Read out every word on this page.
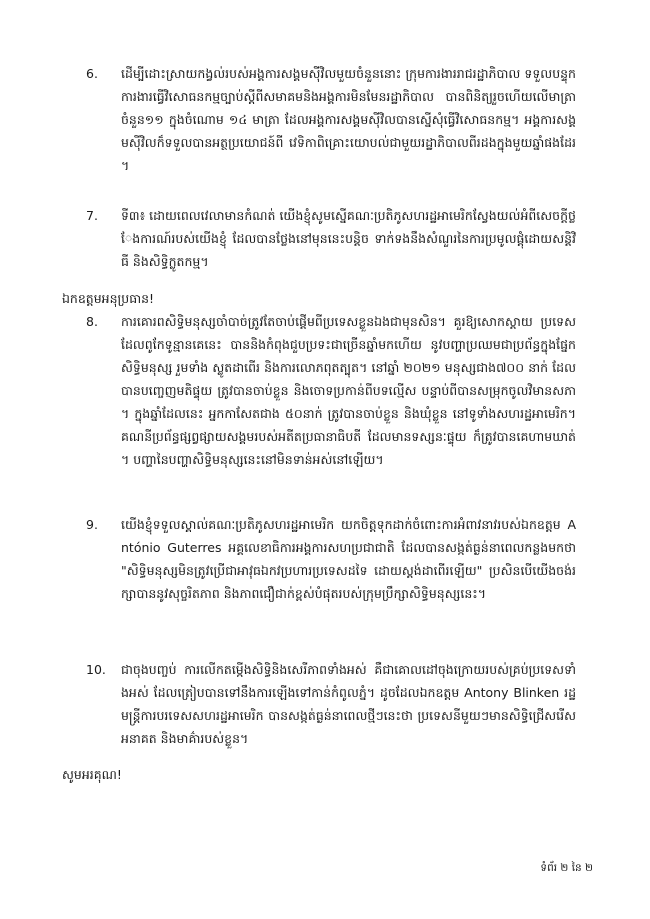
6. ដើម្បីដោះស្រាយកង្វល់របស់អង្គការសង្គមស៊ីវិលមួយចំនួននោះ ក្រុមការងាររាជរដ្ឋាភិបាល ទទួលបន្ទុកការងារធ្វើវិសោធនកម្មច្បាប់ស្តីពីសមាគមនិងអង្គការមិនមែនរដ្ឋាភិបាល បានពិនិត្យរួចហើយលើមាត្រាចំនួន១១ ក្នុងចំណោម ១៤ មាត្រា ដែលអង្គការសង្គមស៊ីវិលបានស្នើសុំធ្វើវិសោធនកម្ម។ អង្គការសង្គមស៊ីវិលក៏ទទួលបានអត្ថប្រយោជន៍ពី វេទិកាពិគ្រោះយោបល់ជាមួយរដ្ឋាភិបាលពីរដងក្នុងមួយឆ្នាំផងដែរ។
7. ទី៣៖ ដោយពេលវេលាមានកំណត់ យើងខ្ញុំសូមស្នើគណៈប្រតិភូសហរដ្ឋអាមេរិកស្វែងយល់អំពីសេចក្តីថ្លែងការណ៍របស់យើងខ្ញុំ ដែលបានថ្លែងនៅមុននេះបន្តិច ទាក់ទងនឹងសំណួរនៃការប្រមូលផ្តុំដោយសន្តិវិធី និងសិទ្ធិក្លូតកម្ម។
ឯកឧត្តមអនុប្រធាន!
8. ការគោរពសិទ្ធិមនុស្សចាំបាច់ត្រូវតែចាប់ផ្តើមពីប្រទេសខ្លួនឯងជាមុនសិន។ គួរឱ្យសោកស្តាយ ប្រទេសដែលពូកែទូន្មានគេនេះ បាននិងកំពុងជួបប្រទះជាច្រើនឆ្នាំមកហើយ នូវបញ្ហាប្រឈមជាប្រព័ន្ធក្នុងផ្នែកសិទ្ធិមនុស្ស រួមទាំង ស្លូតដាពើរ និងការលោភពុតត្បុត។ នៅឆ្នាំ ២០២១ មនុស្សជាង៧០០ នាក់ ដែលបានបញ្ចេញមតិផ្ទុយ ត្រូវបានចាប់ខ្លួន និងចោទប្រកាន់ពីបទល្មើស បន្ទាប់ពីបានសម្រុកចូលវិមានសភា។ ក្នុងឆ្នាំដែលនេះ អ្នកកាសែតជាង ៥០នាក់ ត្រូវបានចាប់ខ្លួន និងឃុំខ្លួន នៅទូទាំងសហរដ្ឋអាមេរិក។ គណនីប្រព័ន្ធផ្សព្វផ្សាយសង្គមរបស់អតីតប្រធានាធិបតី ដែលមានទស្សនៈផ្ទុយ ក៏ត្រូវបានគេហាមឃាត់។ បញ្ហានៃបញ្ហាសិទ្ធិមនុស្សនេះនៅមិនទាន់អស់នៅឡើយ។
9. យើងខ្ញុំទទួលស្គាល់គណៈប្រតិភូសហរដ្ឋអាមេរិក យកចិត្តទុកដាក់ចំពោះការអំពាវនាវរបស់ឯកឧត្តម António Guterres អគ្គលេខាធិការអង្គការសហប្រជាជាតិ ដែលបានសង្កត់ធ្ងន់នាពេលកន្លងមកថា "សិទ្ធិមនុស្សមិនត្រូវប្រើជាអាវុធឯកវប្រហារប្រទេសដទៃ ដោយស្តង់ដាពើរឡើយ" ប្រសិនបើយើងចង់រក្សាបាននូវសុច្ចរិតភាព និងភាពជឿជាក់ខ្ពស់បំផុតរបស់ក្រុមប្រឹក្សាសិទ្ធិមនុស្សនេះ។
10. ជាចុងបញ្ចប់ ការលើកតម្កើងសិទ្ធិនិងសេរីភាពទាំងអស់ គឺជាគោលដៅចុងក្រោយរបស់គ្រប់ប្រទេសទាំងអស់ ដែលត្រៀបបានទៅនឹងការឡើងទៅកាន់កំពូលភ្នំ។ ដូចដែលឯកឧត្តម Antony Blinken រដ្ឋមន្ត្រីការបរទេសសហរដ្ឋអាមេរិក បានសង្កត់ធ្ងន់នាពេលថ្មីៗនេះថា ប្រទេសនីមួយៗមានសិទ្ធិជ្រើសរើសអនាគត និងមាគ៌ារបស់ខ្លួន។
សូមអរគុណ!
ទំព័រ ២ នៃ ២
